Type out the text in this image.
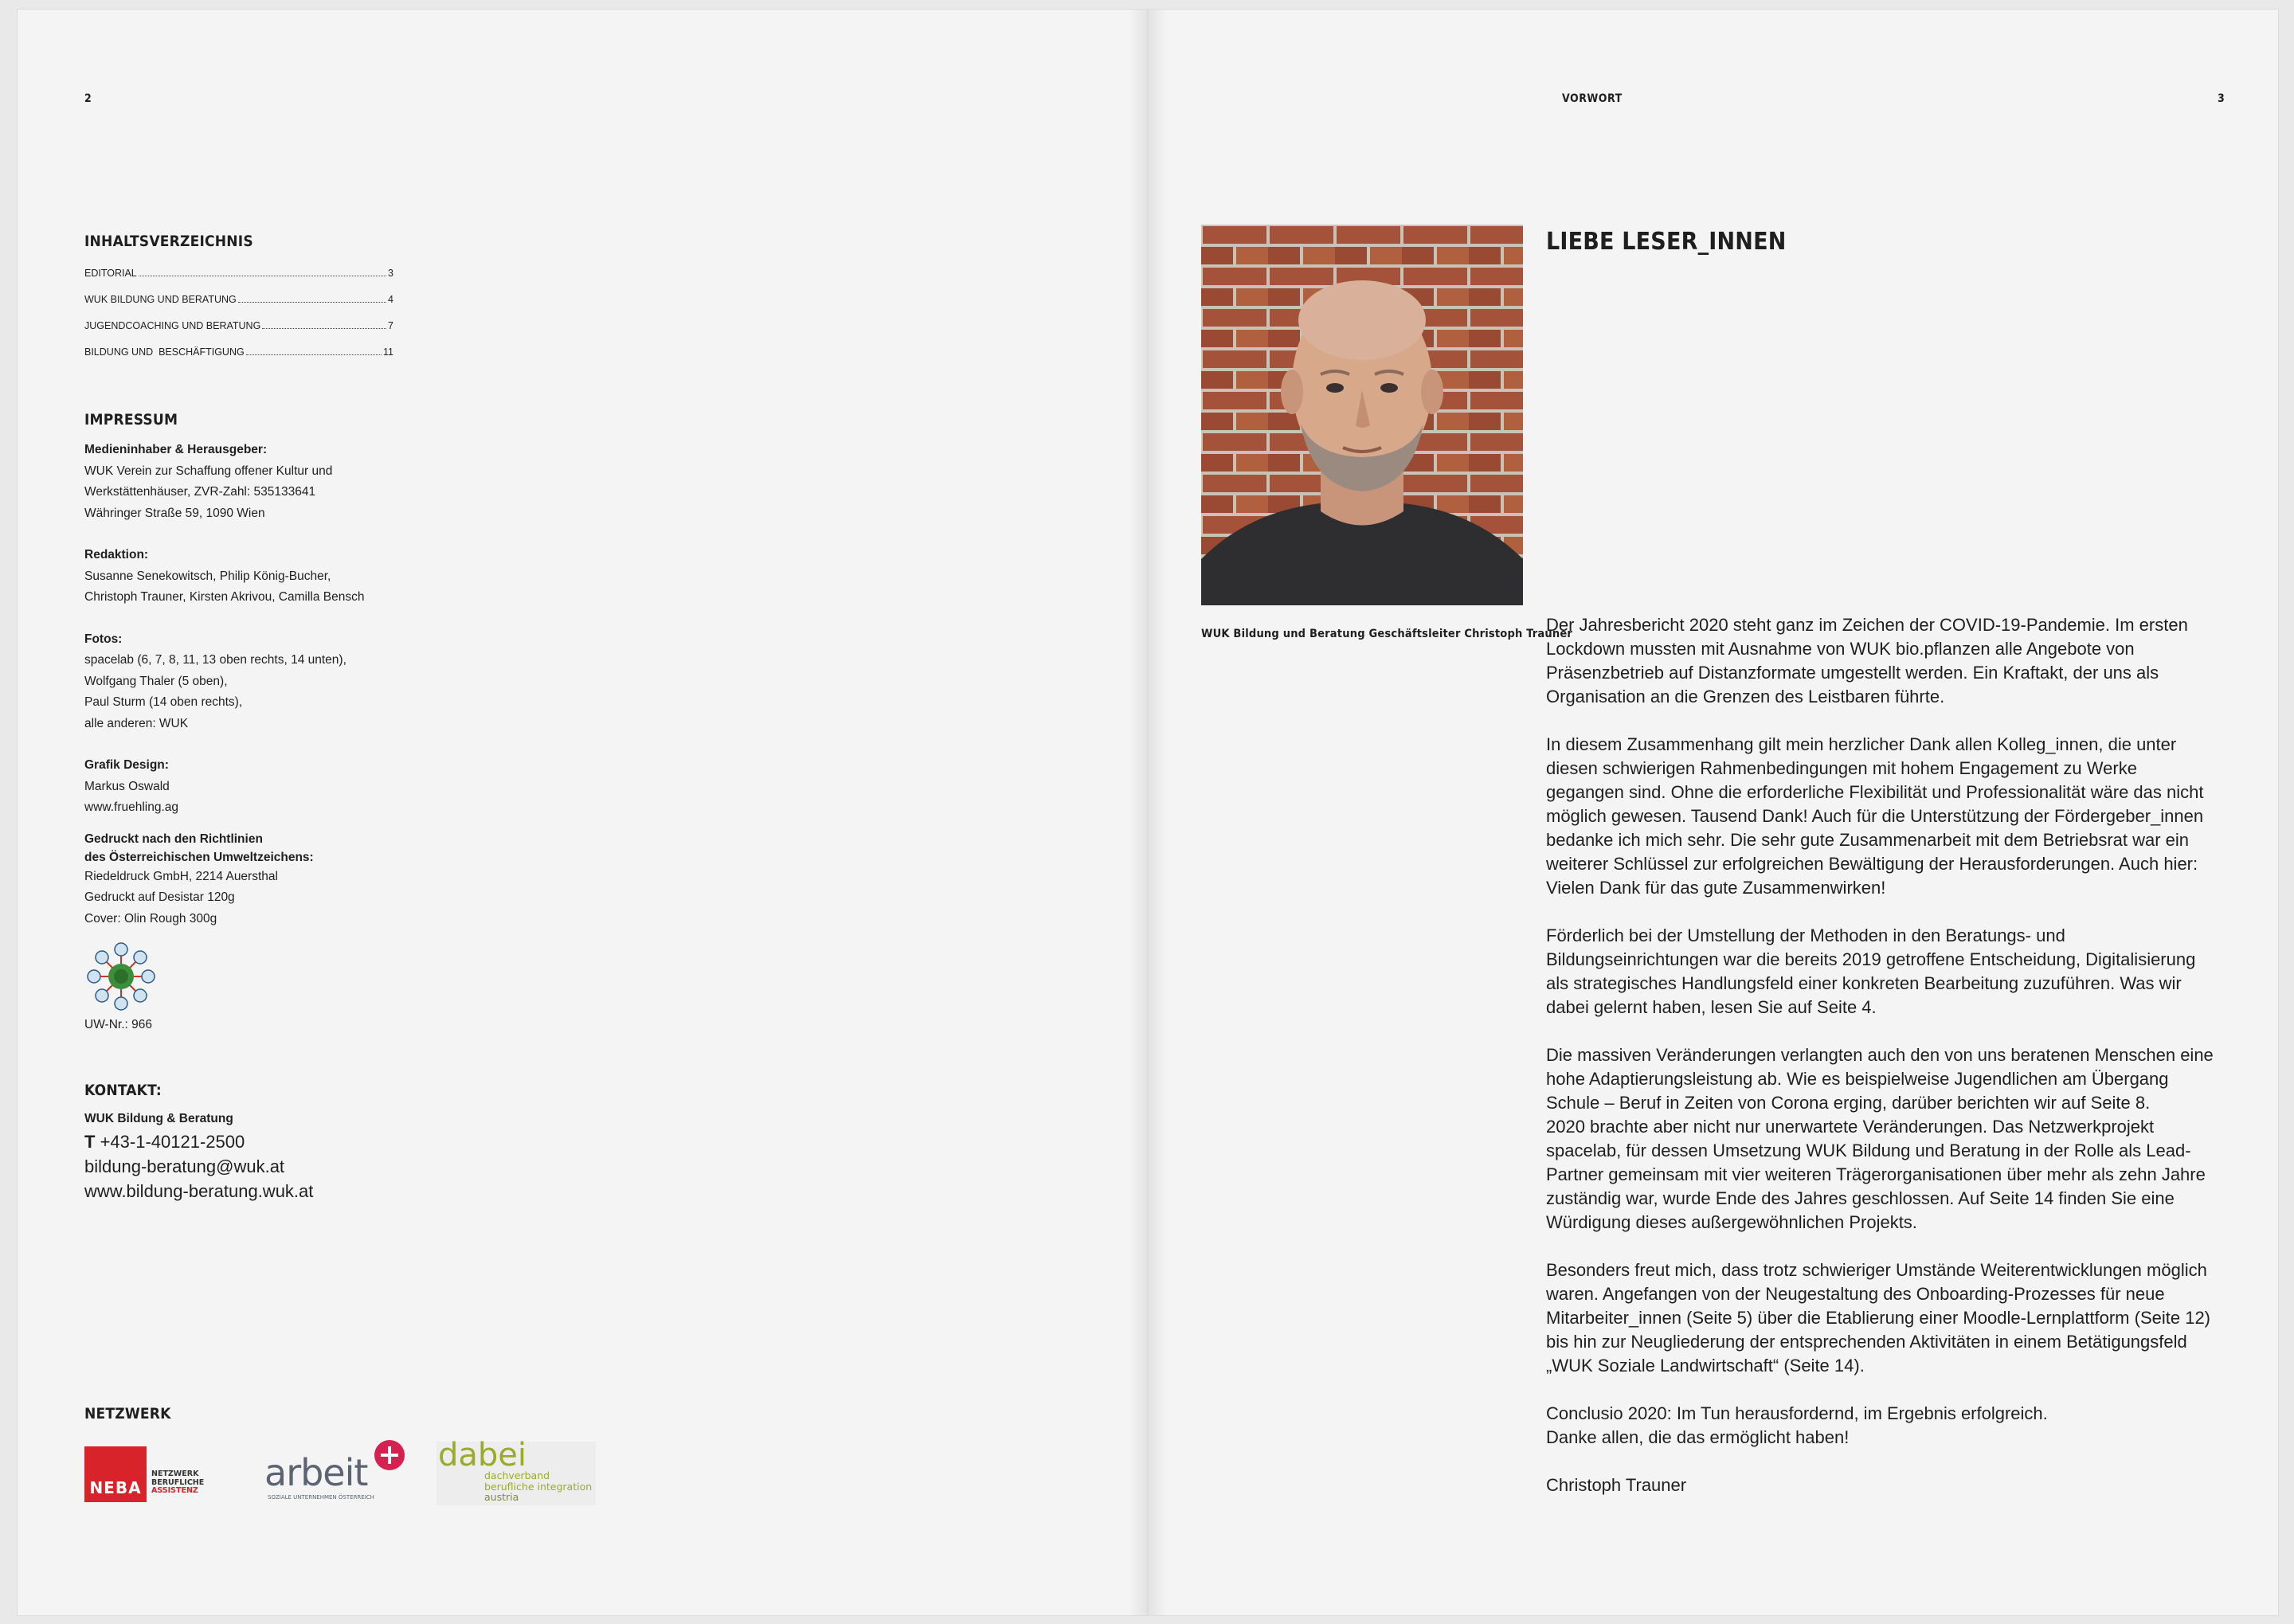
2
INHALTSVERZEICHNIS
EDITORIAL	3
WUK BILDUNG UND BERATUNG	4
JUGENDCOACHING UND BERATUNG	7
BILDUNG UND  BESCHÄFTIGUNG	11
IMPRESSUM
Medieninhaber & Herausgeber:
WUK Verein zur Schaffung offener Kultur und
Werkstättenhäuser, ZVR-Zahl: 535133641
Währinger Straße 59, 1090 Wien
Redaktion:
Susanne Senekowitsch, Philip König-Bucher,
Christoph Trauner, Kirsten Akrivou, Camilla Bensch
Fotos:
spacelab (6, 7, 8, 11, 13 oben rechts, 14 unten),
Wolfgang Thaler (5 oben),
Paul Sturm (14 oben rechts),
alle anderen: WUK
Grafik Design:
Markus Oswald
www.fruehling.ag
Gedruckt nach den Richtlinien
des Österreichischen Umweltzeichens:
Riedeldruck GmbH, 2214 Auersthal
Gedruckt auf Desistar 120g
Cover: Olin Rough 300g
UW-Nr.: 966
KONTAKT:
WUK Bildung & Beratung
T +43-1-40121-2500
bildung-beratung@wuk.at
www.bildung-beratung.wuk.at
NETZWERK
NEBA
NETZWERK
BERUFLICHE
ASSISTENZ arbeit
SOZIALE UNTERNEHMEN ÖSTERREICH
dabei
dachverband
berufliche integration
austria
VORWORT	3
WUK Bildung und Beratung Geschäftsleiter Christoph Trauner
LIEBE LESER_INNEN

Der Jahresbericht 2020 steht ganz im Zeichen der COVID-19-Pandemie. Im ersten Lockdown mussten mit Ausnahme von WUK bio.pflanzen alle Angebote von Präsenzbetrieb auf Distanzformate umgestellt werden. Ein Kraftakt, der uns als Organisation an die Grenzen des Leistbaren führte.

In diesem Zusammenhang gilt mein herzlicher Dank allen Kolleg_innen, die unter diesen schwierigen Rahmenbedingungen mit hohem Engagement zu Werke gegangen sind. Ohne die erforderliche Flexibilität und Professionalität wäre das nicht möglich gewesen. Tausend Dank! Auch für die Unterstützung der Fördergeber_innen bedanke ich mich sehr. Die sehr gute Zusammenarbeit mit dem Betriebsrat war ein weiterer Schlüssel zur erfolgreichen Bewältigung der Herausforderungen. Auch hier: Vielen Dank für das gute Zusammenwirken!

Förderlich bei der Umstellung der Methoden in den Beratungs- und Bildungseinrichtungen war die bereits 2019 getroffene Entscheidung, Digitalisierung als strategisches Handlungsfeld einer konkreten Bearbeitung zuzuführen. Was wir dabei gelernt haben, lesen Sie auf Seite 4.

Die massiven Veränderungen verlangten auch den von uns beratenen Menschen eine hohe Adaptierungsleistung ab. Wie es beispielweise Jugendlichen am Übergang Schule – Beruf in Zeiten von Corona erging, darüber berichten wir auf Seite 8.

2020 brachte aber nicht nur unerwartete Veränderungen. Das Netzwerkprojekt spacelab, für dessen Umsetzung WUK Bildung und Beratung in der Rolle als Lead-Partner gemeinsam mit vier weiteren Trägerorganisationen über mehr als zehn Jahre zuständig war, wurde Ende des Jahres geschlossen. Auf Seite 14 finden Sie eine Würdigung dieses außergewöhnlichen Projekts.

Besonders freut mich, dass trotz schwieriger Umstände Weiterentwicklungen möglich waren. Angefangen von der Neugestaltung des Onboarding-Prozesses für neue Mitarbeiter_innen (Seite 5) über die Etablierung einer Moodle-Lernplattform (Seite 12) bis hin zur Neugliederung der entsprechenden Aktivitäten in einem Betätigungsfeld „WUK Soziale Landwirtschaft“ (Seite 14).

Conclusio 2020: Im Tun herausfordernd, im Ergebnis erfolgreich.

Danke allen, die das ermöglicht haben!

Christoph Trauner
